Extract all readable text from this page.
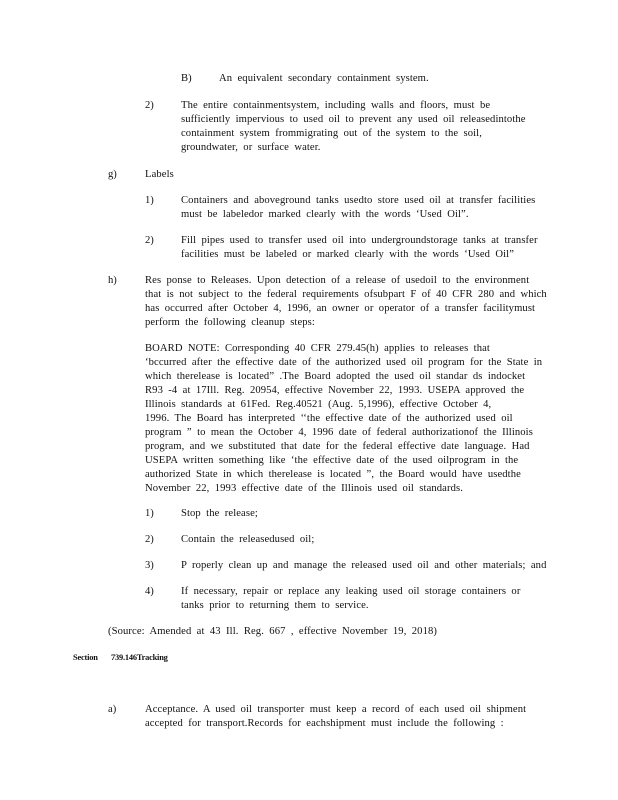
B)	An equivalent secondary containment system.
2)	The entire containmentsystem, including walls and floors, must be
sufficiently impervious to used oil to prevent any used oil releasedintothe
containment system frommigrating out of the system to the soil,
groundwater, or surface water.
g)	Labels
1)	Containers and aboveground tanks usedto store used oil at transfer facilities
must be labeledor marked clearly with the words ‘Used Oil”.
2)	Fill pipes used to transfer used oil into undergroundstorage tanks at transfer
facilities must be labeled or marked clearly with the words ‘Used Oil”
h)	Res ponse to Releases. Upon detection of a release of usedoil to the environment
that is not subject to the federal requirements ofsubpart F of 40 CFR 280 and which
has occurred after October 4, 1996, an owner or operator of a transfer facilitymust
perform the following cleanup steps:
BOARD NOTE: Corresponding 40 CFR 279.45(h) applies to releases that
‘bccurred after the effective date of the authorized used oil program for the State in
which therelease is located” .The Board adopted the used oil standar ds indocket
R93 -4 at 17Ill. Reg. 20954, effective November 22, 1993. USEPA approved the
Illinois standards at 61Fed. Reg.40521 (Aug. 5,1996), effective October 4,
1996. The Board has interpreted ‘‘the effective date of the authorized used oil
program ” to mean the October 4, 1996 date of federal authorizationof the Illinois
program, and we substituted that date for the federal effective date language. Had
USEPA written something like ‘the effective date of the used oilprogram in the
authorized State in which therelease is located ”, the Board would have usedthe
November 22, 1993 effective date of the Illinois used oil standards.
1)	Stop the release;
2)	Contain the releasedused oil;
3)	P roperly clean up and manage the released used oil and other materials; and
4)	If necessary, repair or replace any leaking used oil storage containers or
tanks prior to returning them to service.
(Source: Amended at 43 Ill. Reg. 667 , effective November 19, 2018)
Section 739.146Tracking
a)	Acceptance. A used oil transporter must keep a record of each used oil shipment
accepted for transport.Records for eachshipment must include the following :
